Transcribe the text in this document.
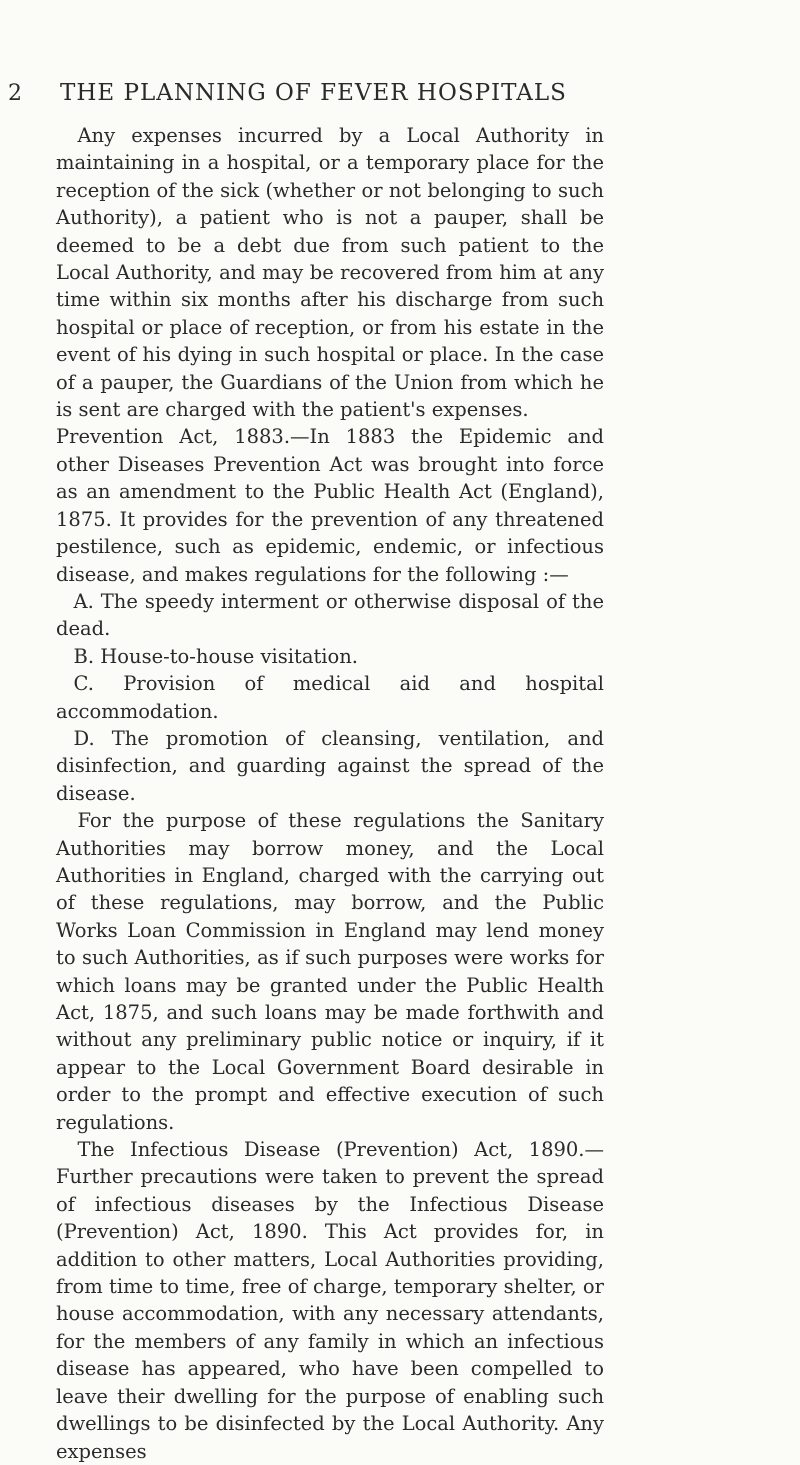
2	THE PLANNING OF FEVER HOSPITALS

Any expenses incurred by a Local Authority in maintaining in a hospital, or a temporary place for the reception of the sick (whether or not belonging to such Authority), a patient who is not a pauper, shall be deemed to be a debt due from such patient to the Local Authority, and may be recovered from him at any time within six months after his discharge from such hospital or place of reception, or from his estate in the event of his dying in such hospital or place. In the case of a pauper, the Guardians of the Union from which he is sent are charged with the patient's expenses.

Prevention Act, 1883.—In 1883 the Epidemic and other Diseases Prevention Act was brought into force as an amendment to the Public Health Act (England), 1875. It provides for the prevention of any threatened pestilence, such as epidemic, endemic, or infectious disease, and makes regulations for the following :—

A. The speedy interment or otherwise disposal of the dead.

B. House-to-house visitation.

C. Provision of medical aid and hospital accommodation.

D. The promotion of cleansing, ventilation, and disinfection, and guarding against the spread of the disease.

For the purpose of these regulations the Sanitary Authorities may borrow money, and the Local Authorities in England, charged with the carrying out of these regulations, may borrow, and the Public Works Loan Commission in England may lend money to such Authorities, as if such purposes were works for which loans may be granted under the Public Health Act, 1875, and such loans may be made forthwith and without any preliminary public notice or inquiry, if it appear to the Local Government Board desirable in order to the prompt and effective execution of such regulations.

The Infectious Disease (Prevention) Act, 1890.—Further precautions were taken to prevent the spread of infectious diseases by the Infectious Disease (Prevention) Act, 1890. This Act provides for, in addition to other matters, Local Authorities providing, from time to time, free of charge, temporary shelter, or house accommodation, with any necessary attendants, for the members of any family in which an infectious disease has appeared, who have been compelled to leave their dwelling for the purpose of enabling such dwellings to be disinfected by the Local Authority. Any expenses
